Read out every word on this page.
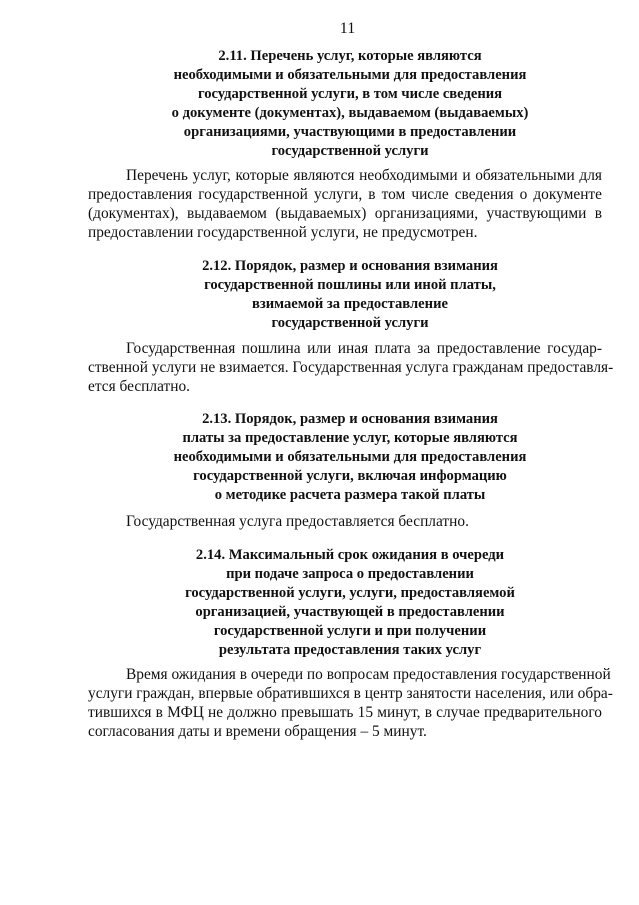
11
2.11. Перечень услуг, которые являются
необходимыми и обязательными для предоставления
государственной услуги, в том числе сведения
о документе (документах), выдаваемом (выдаваемых)
организациями, участвующими в предоставлении
государственной услуги
Перечень услуг, которые являются необходимыми и обязательными для
предоставления государственной услуги, в том числе сведения о документе
(документах), выдаваемом (выдаваемых) организациями, участвующими в
предоставлении государственной услуги, не предусмотрен.
2.12. Порядок, размер и основания взимания
государственной пошлины или иной платы,
взимаемой за предоставление
государственной услуги
Государственная пошлина или иная плата за предоставление государ-
ственной услуги не взимается. Государственная услуга гражданам предоставля-
ется бесплатно.
2.13. Порядок, размер и основания взимания
платы за предоставление услуг, которые являются
необходимыми и обязательными для предоставления
государственной услуги, включая информацию
о методике расчета размера такой платы
Государственная услуга предоставляется бесплатно.
2.14. Максимальный срок ожидания в очереди
при подаче запроса о предоставлении
государственной услуги, услуги, предоставляемой
организацией, участвующей в предоставлении
государственной услуги и при получении
результата предоставления таких услуг
Время ожидания в очереди по вопросам предоставления государственной
услуги граждан, впервые обратившихся в центр занятости населения, или обра-
тившихся в МФЦ не должно превышать 15 минут, в случае предварительного
согласования даты и времени обращения – 5 минут.
